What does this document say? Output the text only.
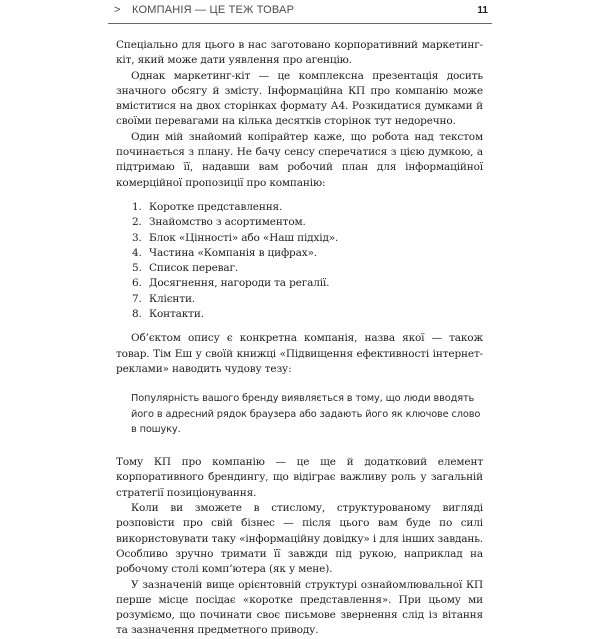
> КОМПАНІЯ — ЦЕ ТЕЖ ТОВАР	11

Спеціально для цього в нас заготовано корпоративний маркетинг-кіт, який може дати уявлення про агенцію.

Однак маркетинг-кіт — це комплексна презентація досить значного обсягу й змісту. Інформаційна КП про компанію може вміститися на двох сторінках формату А4. Розкидатися думками й своїми перевагами на кілька десятків сторінок тут недоречно.

Один мій знайомий копірайтер каже, що робота над текстом починається з плану. Не бачу сенсу сперечатися з цією думкою, а підтримаю її, надавши вам робочий план для інформаційної комерційної пропозиції про компанію:

1. Коротке представлення.
2. Знайомство з асортиментом.
3. Блок «Цінності» або «Наш підхід».
4. Частина «Компанія в цифрах».
5. Список переваг.
6. Досягнення, нагороди та регалії.
7. Клієнти.
8. Контакти.

Об’єктом опису є конкретна компанія, назва якої — також товар. Тім Еш у своїй книжці «Підвищення ефективності інтернет-реклами» наводить чудову тезу:

Популярність вашого бренду виявляється в тому, що люди вводять його в адресний рядок браузера або задають його як ключове слово в пошуку.

Тому КП про компанію — це ще й додатковий елемент корпоративного брендингу, що відіграє важливу роль у загальній стратегії позиціонування.

Коли ви зможете в стислому, структурованому вигляді розповісти про свій бізнес — після цього вам буде по силі використовувати таку «інформаційну довідку» і для інших завдань. Особливо зручно тримати її завжди під рукою, наприклад на робочому столі комп’ютера (як у мене).

У зазначеній вище орієнтовній структурі ознайомлювальної КП перше місце посідає «коротке представлення». При цьому ми розуміємо, що починати своє письмове звернення слід із вітання та зазначення предметного приводу.
